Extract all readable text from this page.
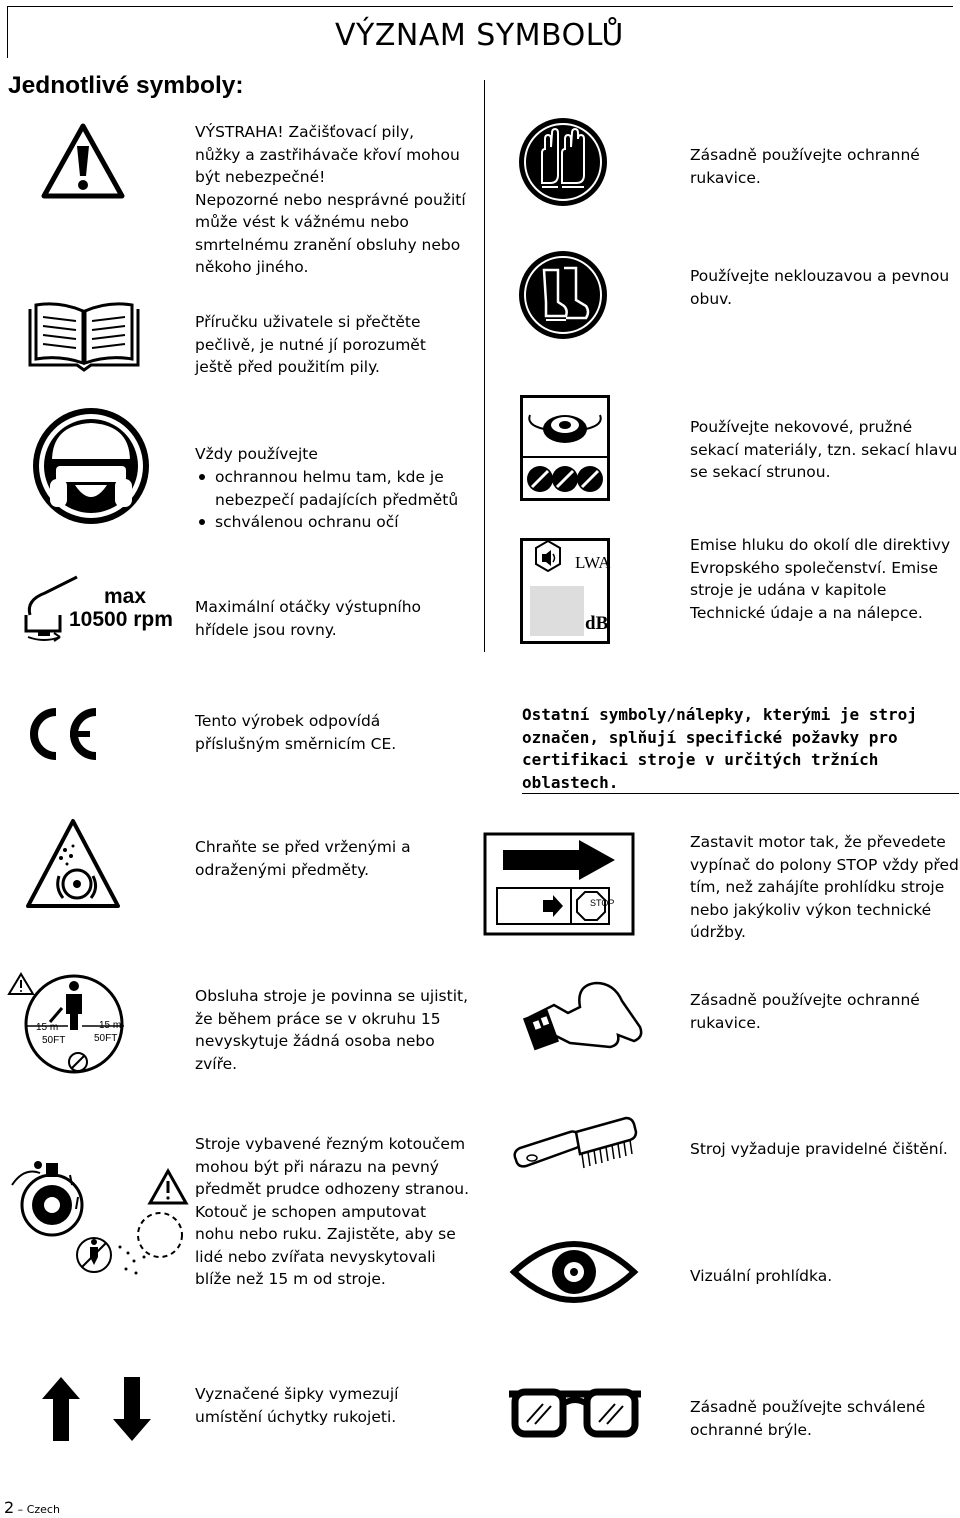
VÝZNAM SYMBOLŮ
Jednotlivé symboly:
VÝSTRAHA! Začišťovací pily,
nůžky a zastřihávače křoví mohou
být nebezpečné!
Nepozorné nebo nesprávné použití
může vést k vážnému nebo
smrtelnému zranění obsluhy nebo
někoho jiného.
Příručku uživatele si přečtěte
pečlivě, je nutné jí porozumět
ještě před použitím pily.
Vždy používejte
ochrannou helmu tam, kde je
nebezpečí padajících předmětů
schválenou ochranu očí
max
10500 rpm
Maximální otáčky výstupního
hřídele jsou rovny.
Tento výrobek odpovídá
příslušným směrnicím CE.
Chraňte se před vrženými a
odraženými předměty.
15 m	15 m
50FT	50FT
Obsluha stroje je povinna se ujistit,
že během práce se v okruhu 15
nevyskytuje žádná osoba nebo
zvíře.
Stroje vybavené řezným kotoučem
mohou být při nárazu na pevný
předmět prudce odhozeny stranou.
Kotouč je schopen amputovat
nohu nebo ruku. Zajistěte, aby se
lidé nebo zvířata nevyskytovali
blíže než 15 m od stroje.
Vyznačené šipky vymezují
umístění úchytky rukojeti.
Zásadně používejte ochranné
rukavice.
Používejte neklouzavou a pevnou
obuv.
Používejte nekovové, pružné
sekací materiály, tzn. sekací hlavu
se sekací strunou.
LWA
dB
Emise hluku do okolí dle direktivy
Evropského společenství. Emise
stroje je udána v kapitole
Technické údaje a na nálepce.
Ostatní symboly/nálepky, kterými je stroj
označen, splňují specifické požavky pro
certifikaci stroje v určitých tržních oblastech.
STOP
Zastavit motor tak, že převedete
vypínač do polony STOP vždy před
tím, než zahájíte prohlídku stroje
nebo jakýkoliv výkon technické
údržby.
Zásadně používejte ochranné
rukavice.
Stroj vyžaduje pravidelné čištění.
Vizuální prohlídka.
Zásadně používejte schválené
ochranné brýle.
2 – Czech
